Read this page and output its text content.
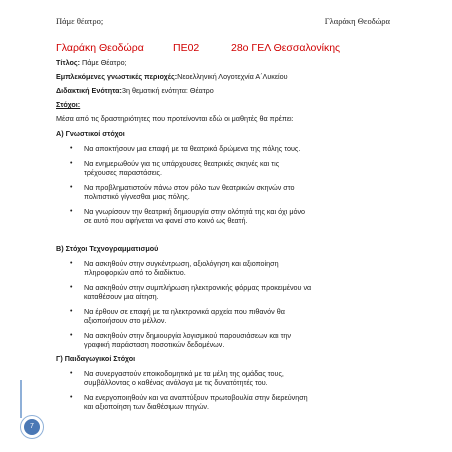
Πάμε θέατρο;	Γλαράκη Θεοδώρα
Γλαράκη Θεοδώρα	ΠΕ02	28ο ΓΕΛ Θεσσαλονίκης
Τίτλος: Πάμε Θέατρο;
Εμπλεκόμενες γνωστικές περιοχές:Νεοελληνική Λογοτεχνία Α΄Λυκείου
Διδακτική Ενότητα:3η θεματική ενότητα: Θέατρο
Στόχοι:
Μέσα από τις δραστηριότητες που προτείνονται εδώ οι μαθητές θα πρέπει:
Α) Γνωστικοί στόχοι
• Να αποκτήσουν μια επαφή με τα θεατρικά δρώμενα της πόλης τους.
• Να ενημερωθούν για τις υπάρχουσες θεατρικές σκηνές και τις
τρέχουσες παραστάσεις.
• Να προβληματιστούν πάνω στον ρόλο των θεατρικών σκηνών στο
πολιτιστικό γίγνεσθαι μιας πόλης.
• Να γνωρίσουν την θεατρική δημιουργία στην ολότητά της και όχι μόνο
σε αυτό που αφήνεται να φανεί στο κοινό ως θεατή.
Β) Στόχοι Τεχνογραμματισμού
• Να ασκηθούν στην συγκέντρωση, αξιολόγηση και αξιοποίηση
πληροφοριών από το διαδίκτυο.
• Να ασκηθούν στην συμπλήρωση ηλεκτρονικής φόρμας προκειμένου να
καταθέσουν μια αίτηση.
• Να έρθουν σε επαφή με τα ηλεκτρονικά αρχεία που πιθανόν θα
αξιοποιήσουν στο μέλλον.
• Να ασκηθούν στην δημιουργία λογισμικού παρουσιάσεων και την
γραφική παράσταση ποσοτικών δεδομένων.
Γ) Παιδαγωγικοί Στόχοι
• Να συνεργαστούν εποικοδομητικά με τα μέλη της ομάδας τους,
συμβάλλοντας ο καθένας ανάλογα με τις δυνατότητές του.
• Να ενεργοποιηθούν και να αναπτύξουν πρωτοβουλία στην διερεύνηση
και αξιοποίηση των διαθέσιμων πηγών.
7
